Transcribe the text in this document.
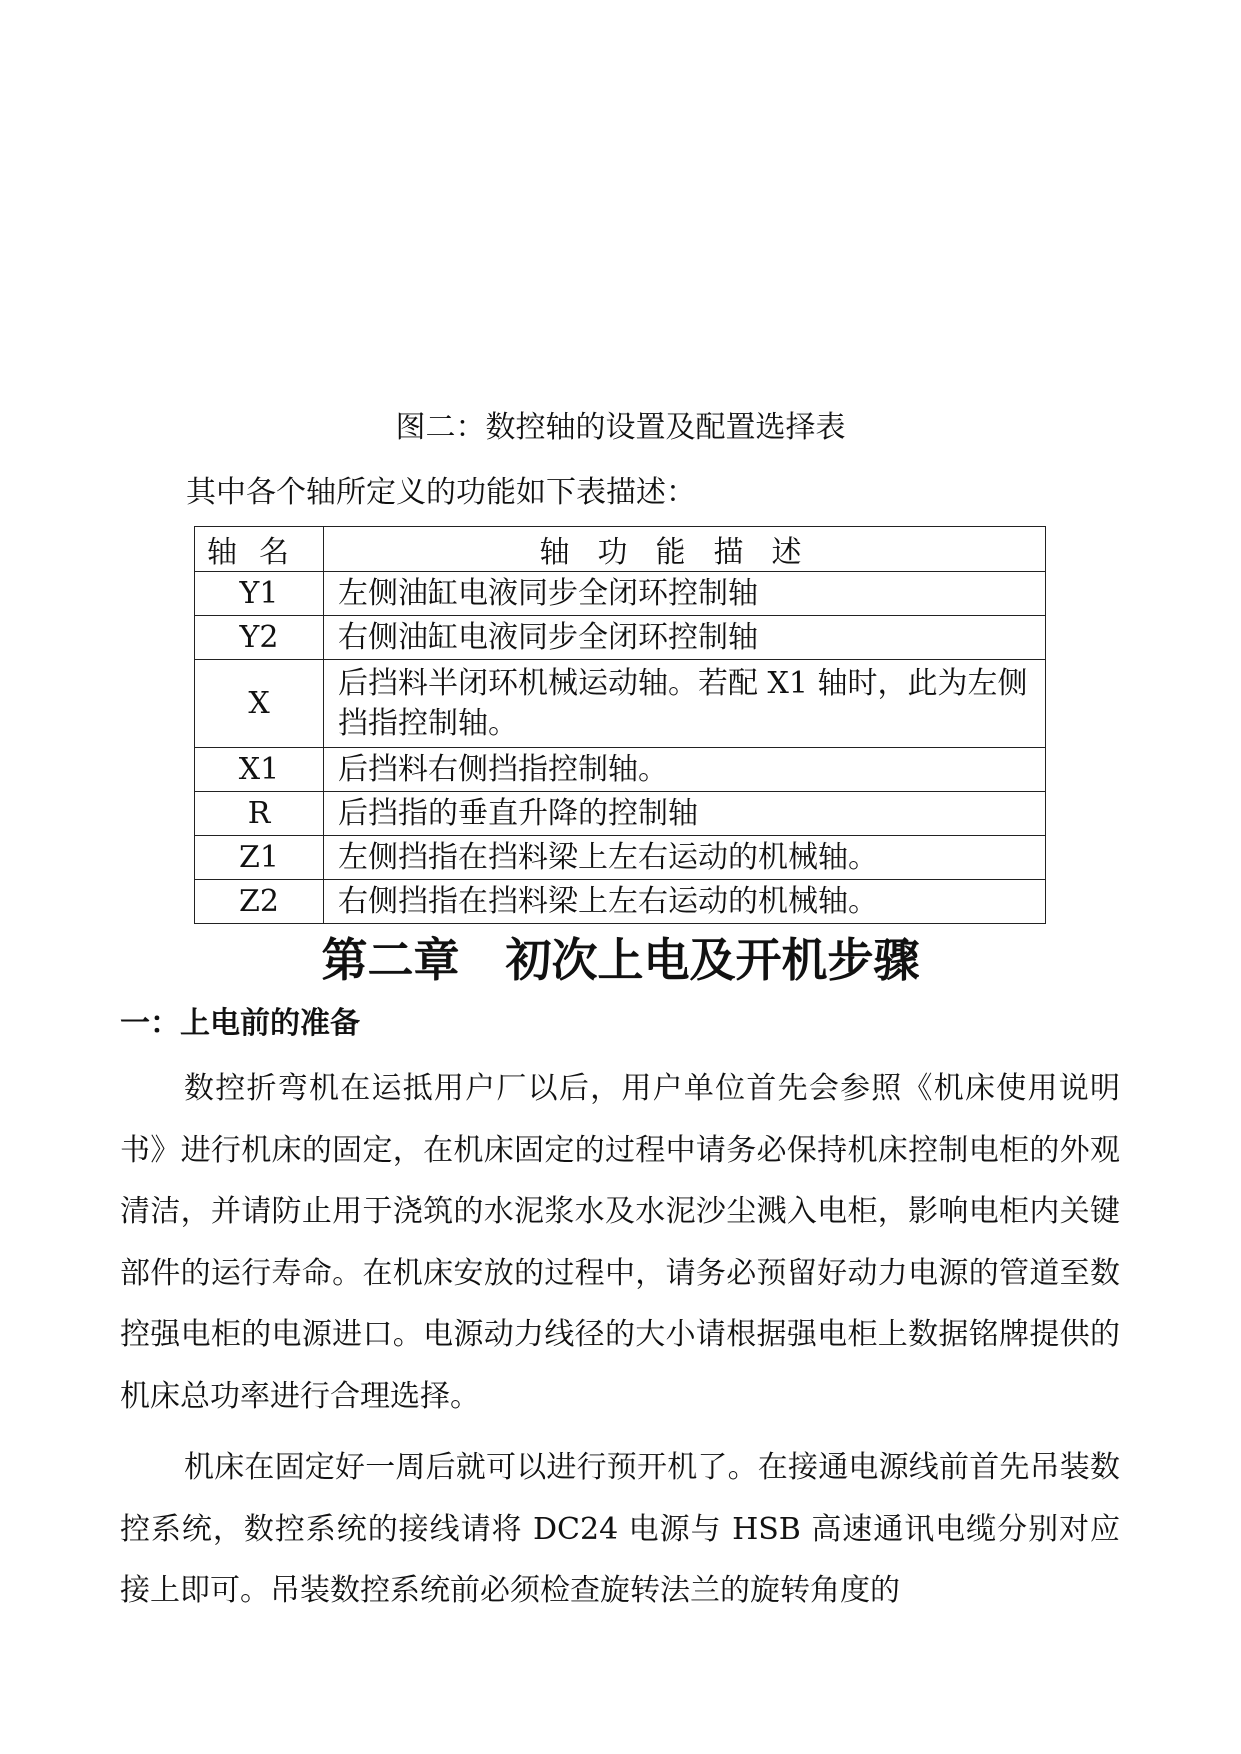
图二：数控轴的设置及配置选择表
其中各个轴所定义的功能如下表描述：
轴名	轴功能描述
Y1	左侧油缸电液同步全闭环控制轴
Y2	右侧油缸电液同步全闭环控制轴
X	后挡料半闭环机械运动轴。若配 X1 轴时，此为左侧挡指控制轴。
X1	后挡料右侧挡指控制轴。
R	后挡指的垂直升降的控制轴
Z1	左侧挡指在挡料梁上左右运动的机械轴。
Z2	右侧挡指在挡料梁上左右运动的机械轴。
第二章　初次上电及开机步骤
一：上电前的准备

数控折弯机在运抵用户厂以后，用户单位首先会参照《机床使用说明书》进行机床的固定，在机床固定的过程中请务必保持机床控制电柜的外观清洁，并请防止用于浇筑的水泥浆水及水泥沙尘溅入电柜，影响电柜内关键部件的运行寿命。在机床安放的过程中，请务必预留好动力电源的管道至数控强电柜的电源进口。电源动力线径的大小请根据强电柜上数据铭牌提供的机床总功率进行合理选择。

机床在固定好一周后就可以进行预开机了。在接通电源线前首先吊装数控系统，数控系统的接线请将 DC24 电源与 HSB 高速通讯电缆分别对应接上即可。吊装数控系统前必须检查旋转法兰的旋转角度的
